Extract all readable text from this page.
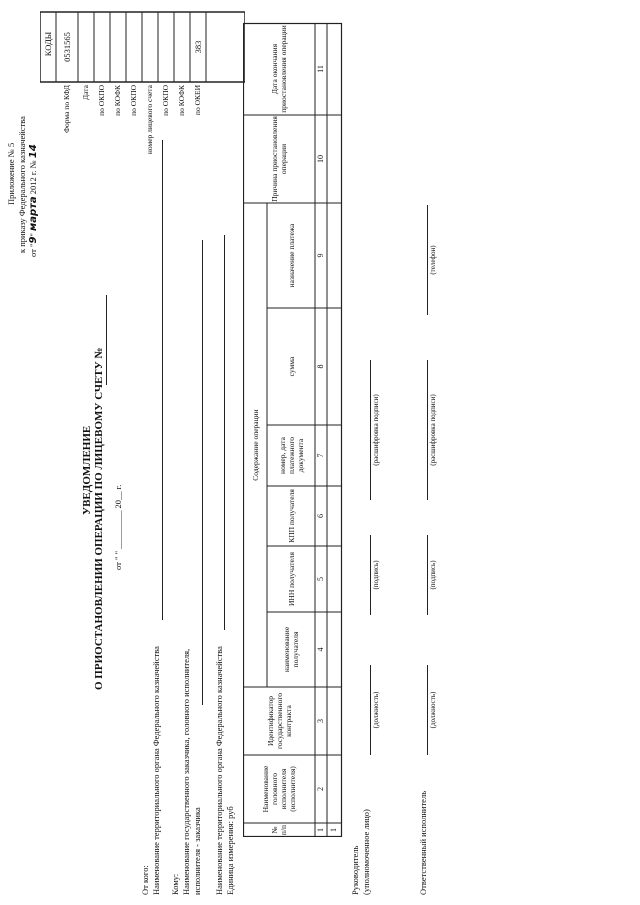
Приложение № 5 к приказу Федерального казначейства от "9" марта 2012 г. № 14
УВЕДОМЛЕНИЕ О ПРИОСТАНОВЛЕНИИ ОПЕРАЦИИ ПО ЛИЦЕВОМУ СЧЕТУ № от " " _________ 20__ г.
КОДЫ
От кого: Наименование территориального органа Федерального казначейства Кому: Наименование государственного заказчика, головного исполнителя, исполнителя - заказчика Наименование территориального органа Федерального казначейства Единица измерения: руб	№ п/п
Наименование головного исполнителя (исполнителя)
Идентификатор государственного контракта
Содержание операции
наименование получателя
ИНН получателя
КПП получателя
номер, дата платежного документа
сумма
назначение платежа
Причина приостановления операции
Дата окончания приостановления операции
Руководитель (уполномоченное лицо)
(должность)
(подпись)
(расшифровка подписи)
Ответственный исполнитель
(должность)
(подпись)
(расшифровка подписи)
(телефон)
Форма по КФД
0531565
Дата по ОКПО по КОФК по ОКПО номер лицевого счета по ОКПО по КОФК по ОКЕИ
383
1
2
3
4
5
6
7
8
9
10
11
1
